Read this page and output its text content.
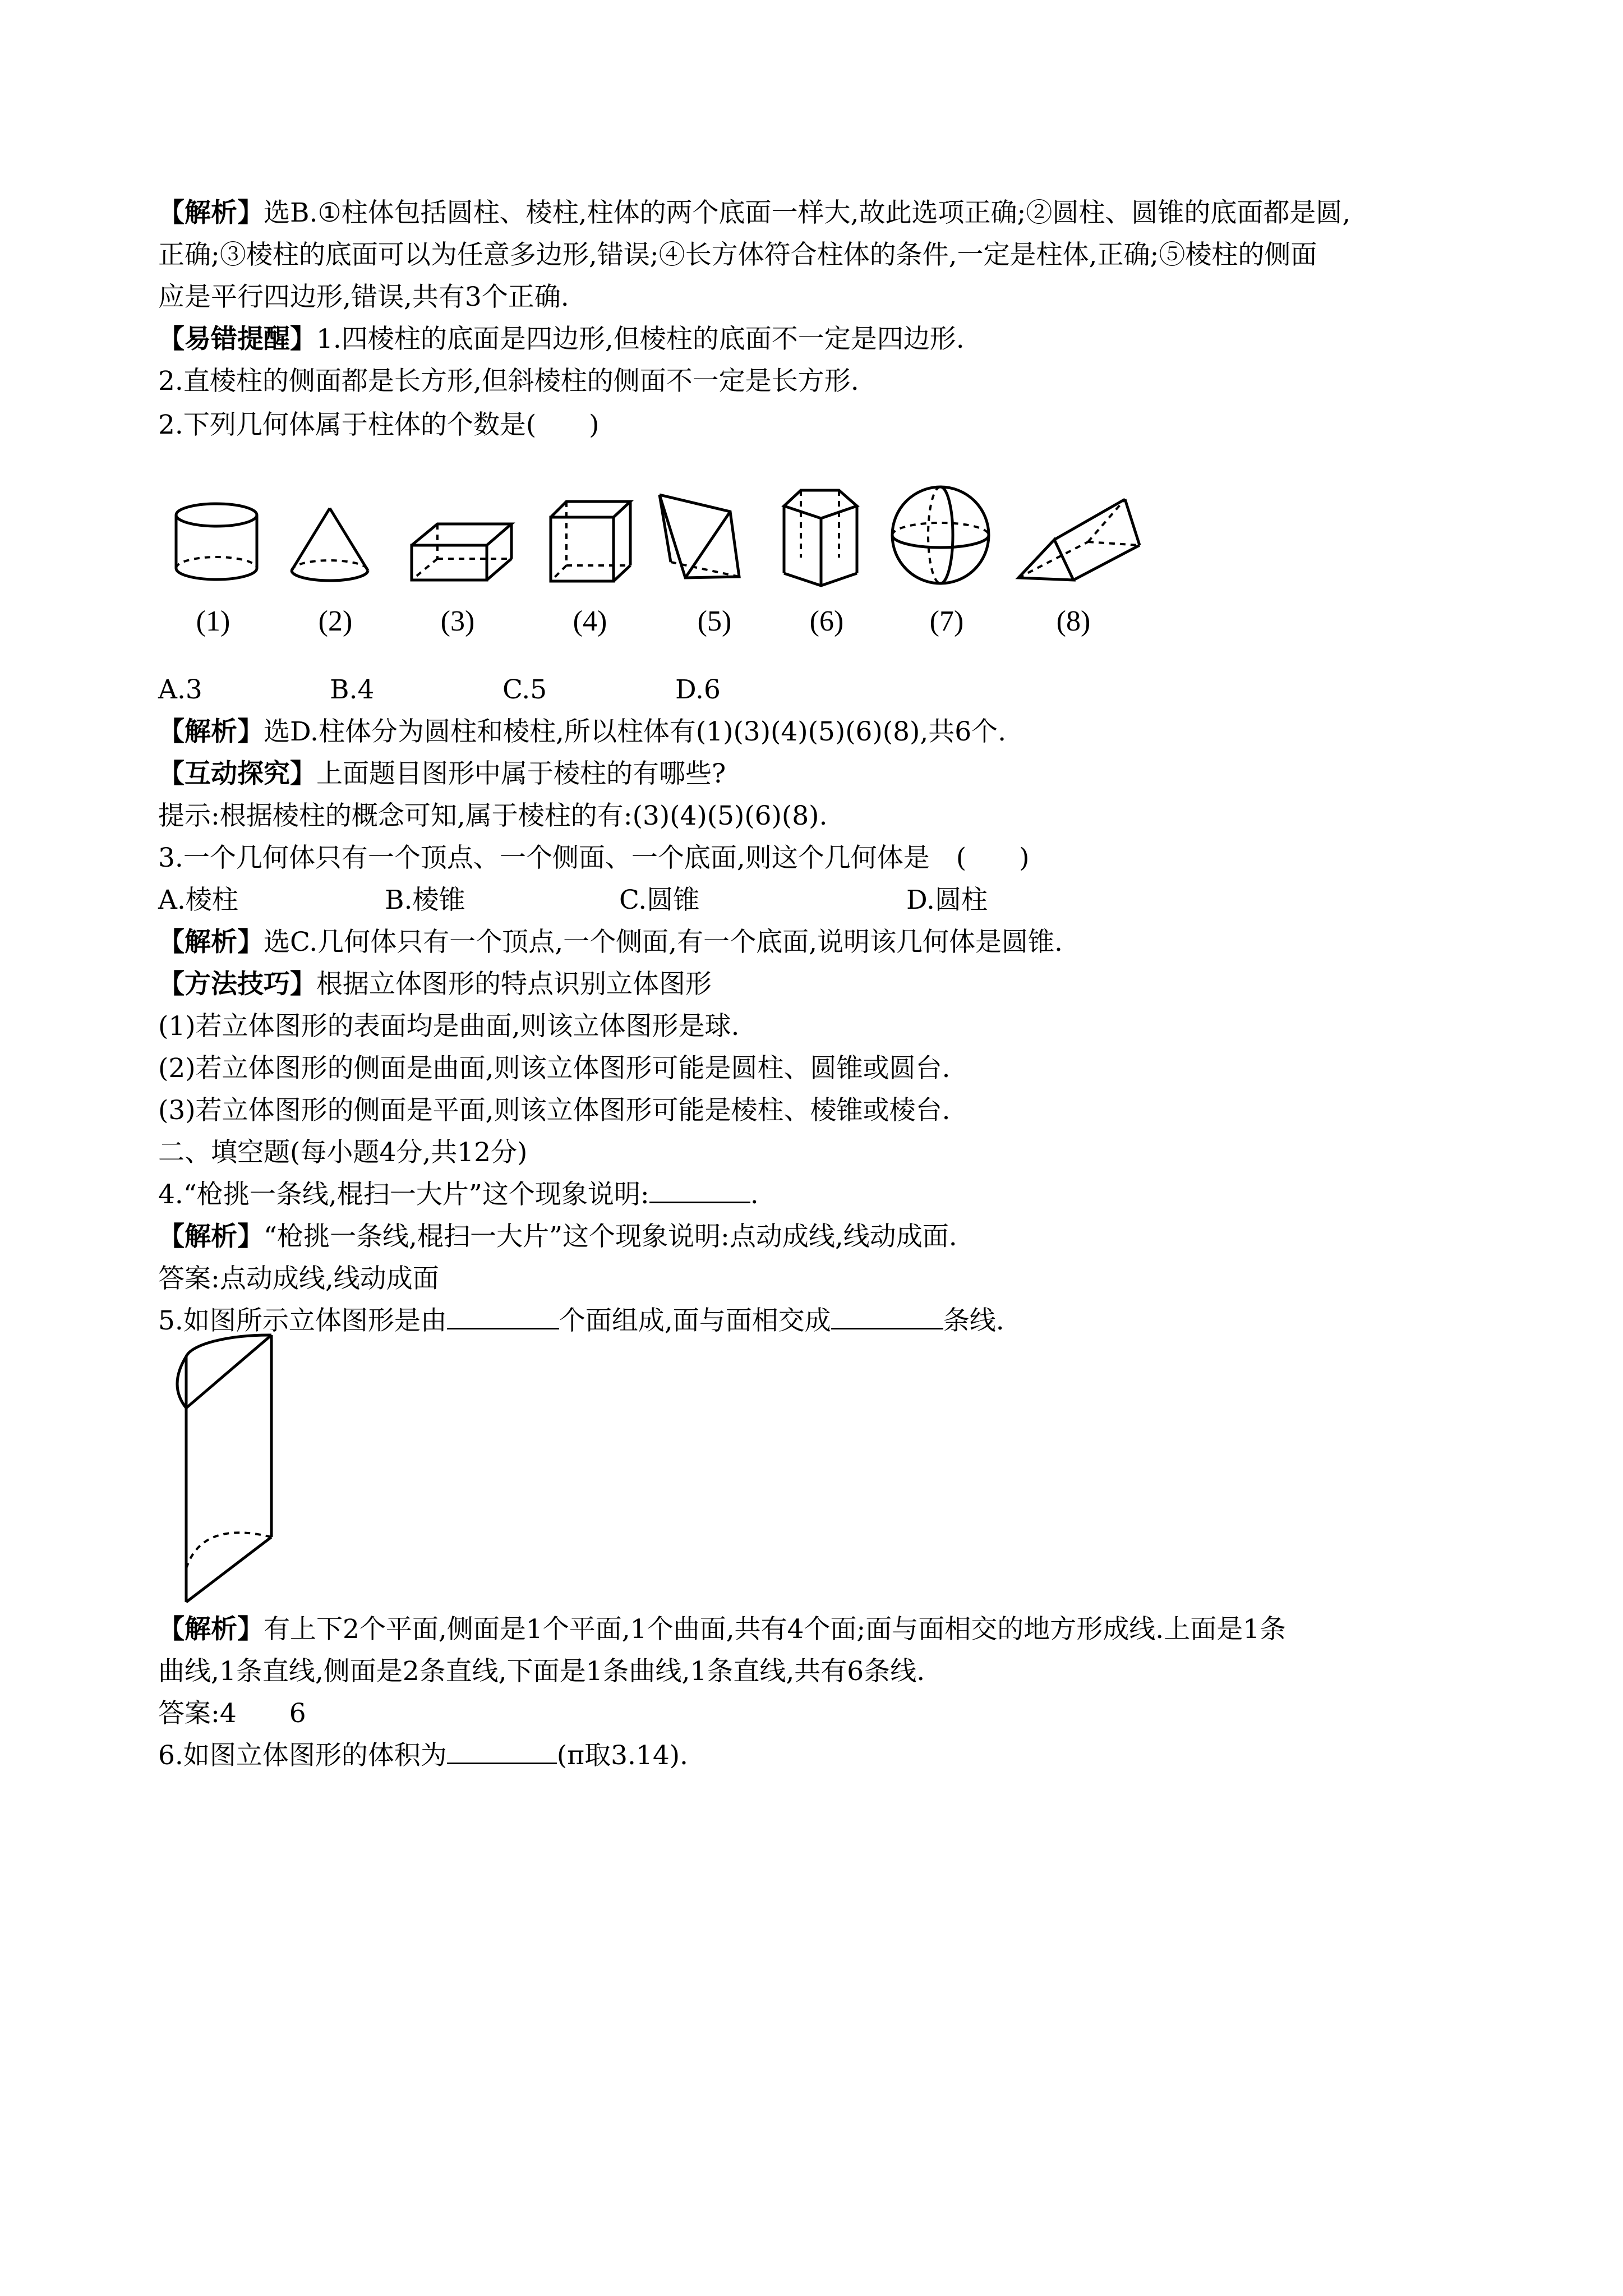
【解析】选B.①柱体包括圆柱、棱柱,柱体的两个底面一样大,故此选项正确;②圆柱、圆锥的底面都是圆,
正确;③棱柱的底面可以为任意多边形,错误;④长方体符合柱体的条件,一定是柱体,正确;⑤棱柱的侧面
应是平行四边形,错误,共有3个正确.
【易错提醒】1.四棱柱的底面是四边形,但棱柱的底面不一定是四边形.
2.直棱柱的侧面都是长方形,但斜棱柱的侧面不一定是长方形.
2.下列几何体属于柱体的个数是(　　)
(1)	(2)	(3)	(4)	(5)	(6)	(7)	(8)
A.3	B.4	C.5	D.6
【解析】选D.柱体分为圆柱和棱柱,所以柱体有(1)(3)(4)(5)(6)(8),共6个.
【互动探究】上面题目图形中属于棱柱的有哪些?
提示:根据棱柱的概念可知,属于棱柱的有:(3)(4)(5)(6)(8).
3.一个几何体只有一个顶点、一个侧面、一个底面,则这个几何体是　(　　)
A.棱柱	B.棱锥	C.圆锥	D.圆柱
【解析】选C.几何体只有一个顶点,一个侧面,有一个底面,说明该几何体是圆锥.
【方法技巧】根据立体图形的特点识别立体图形
(1)若立体图形的表面均是曲面,则该立体图形是球.
(2)若立体图形的侧面是曲面,则该立体图形可能是圆柱、圆锥或圆台.
(3)若立体图形的侧面是平面,则该立体图形可能是棱柱、棱锥或棱台.
二、填空题(每小题4分,共12分)
4.“枪挑一条线,棍扫一大片”这个现象说明:	.
【解析】“枪挑一条线,棍扫一大片”这个现象说明:点动成线,线动成面.
答案:点动成线,线动成面
5.如图所示立体图形是由	个面组成,面与面相交成	条线.
【解析】有上下2个平面,侧面是1个平面,1个曲面,共有4个面;面与面相交的地方形成线.上面是1条
曲线,1条直线,侧面是2条直线,下面是1条曲线,1条直线,共有6条线.
答案:4　　6
6.如图立体图形的体积为	(π取3.14).
